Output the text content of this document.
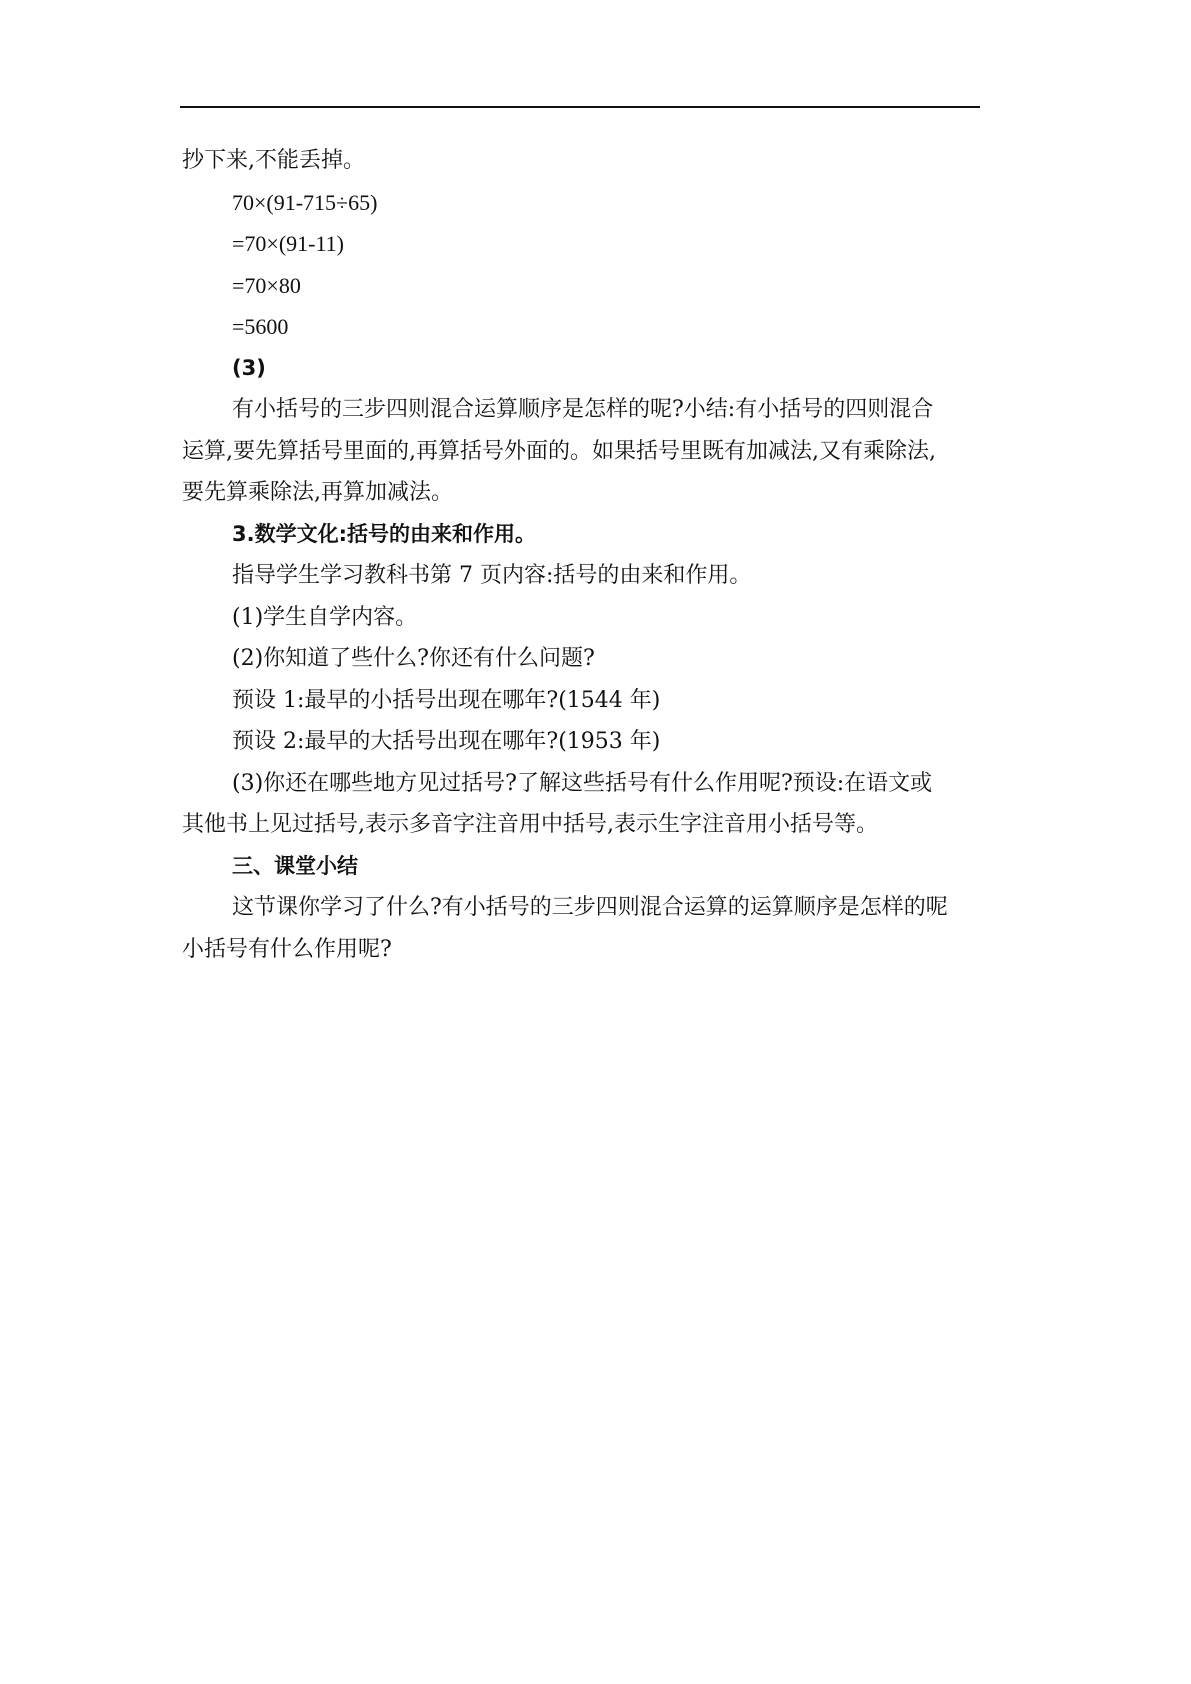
抄下来,不能丢掉。

70×(91-715÷65)

=70×(91-11)

=70×80

=5600

(3)

有小括号的三步四则混合运算顺序是怎样的呢?小结:有小括号的四则混合

运算,要先算括号里面的,再算括号外面的。如果括号里既有加减法,又有乘除法,

要先算乘除法,再算加减法。

3.数学文化:括号的由来和作用。

指导学生学习教科书第 7 页内容:括号的由来和作用。

(1)学生自学内容。

(2)你知道了些什么?你还有什么问题?

预设 1:最早的小括号出现在哪年?(1544 年)

预设 2:最早的大括号出现在哪年?(1953 年)

(3)你还在哪些地方见过括号?了解这些括号有什么作用呢?预设:在语文或

其他书上见过括号,表示多音字注音用中括号,表示生字注音用小括号等。

三、课堂小结

这节课你学习了什么?有小括号的三步四则混合运算的运算顺序是怎样的呢

小括号有什么作用呢?
